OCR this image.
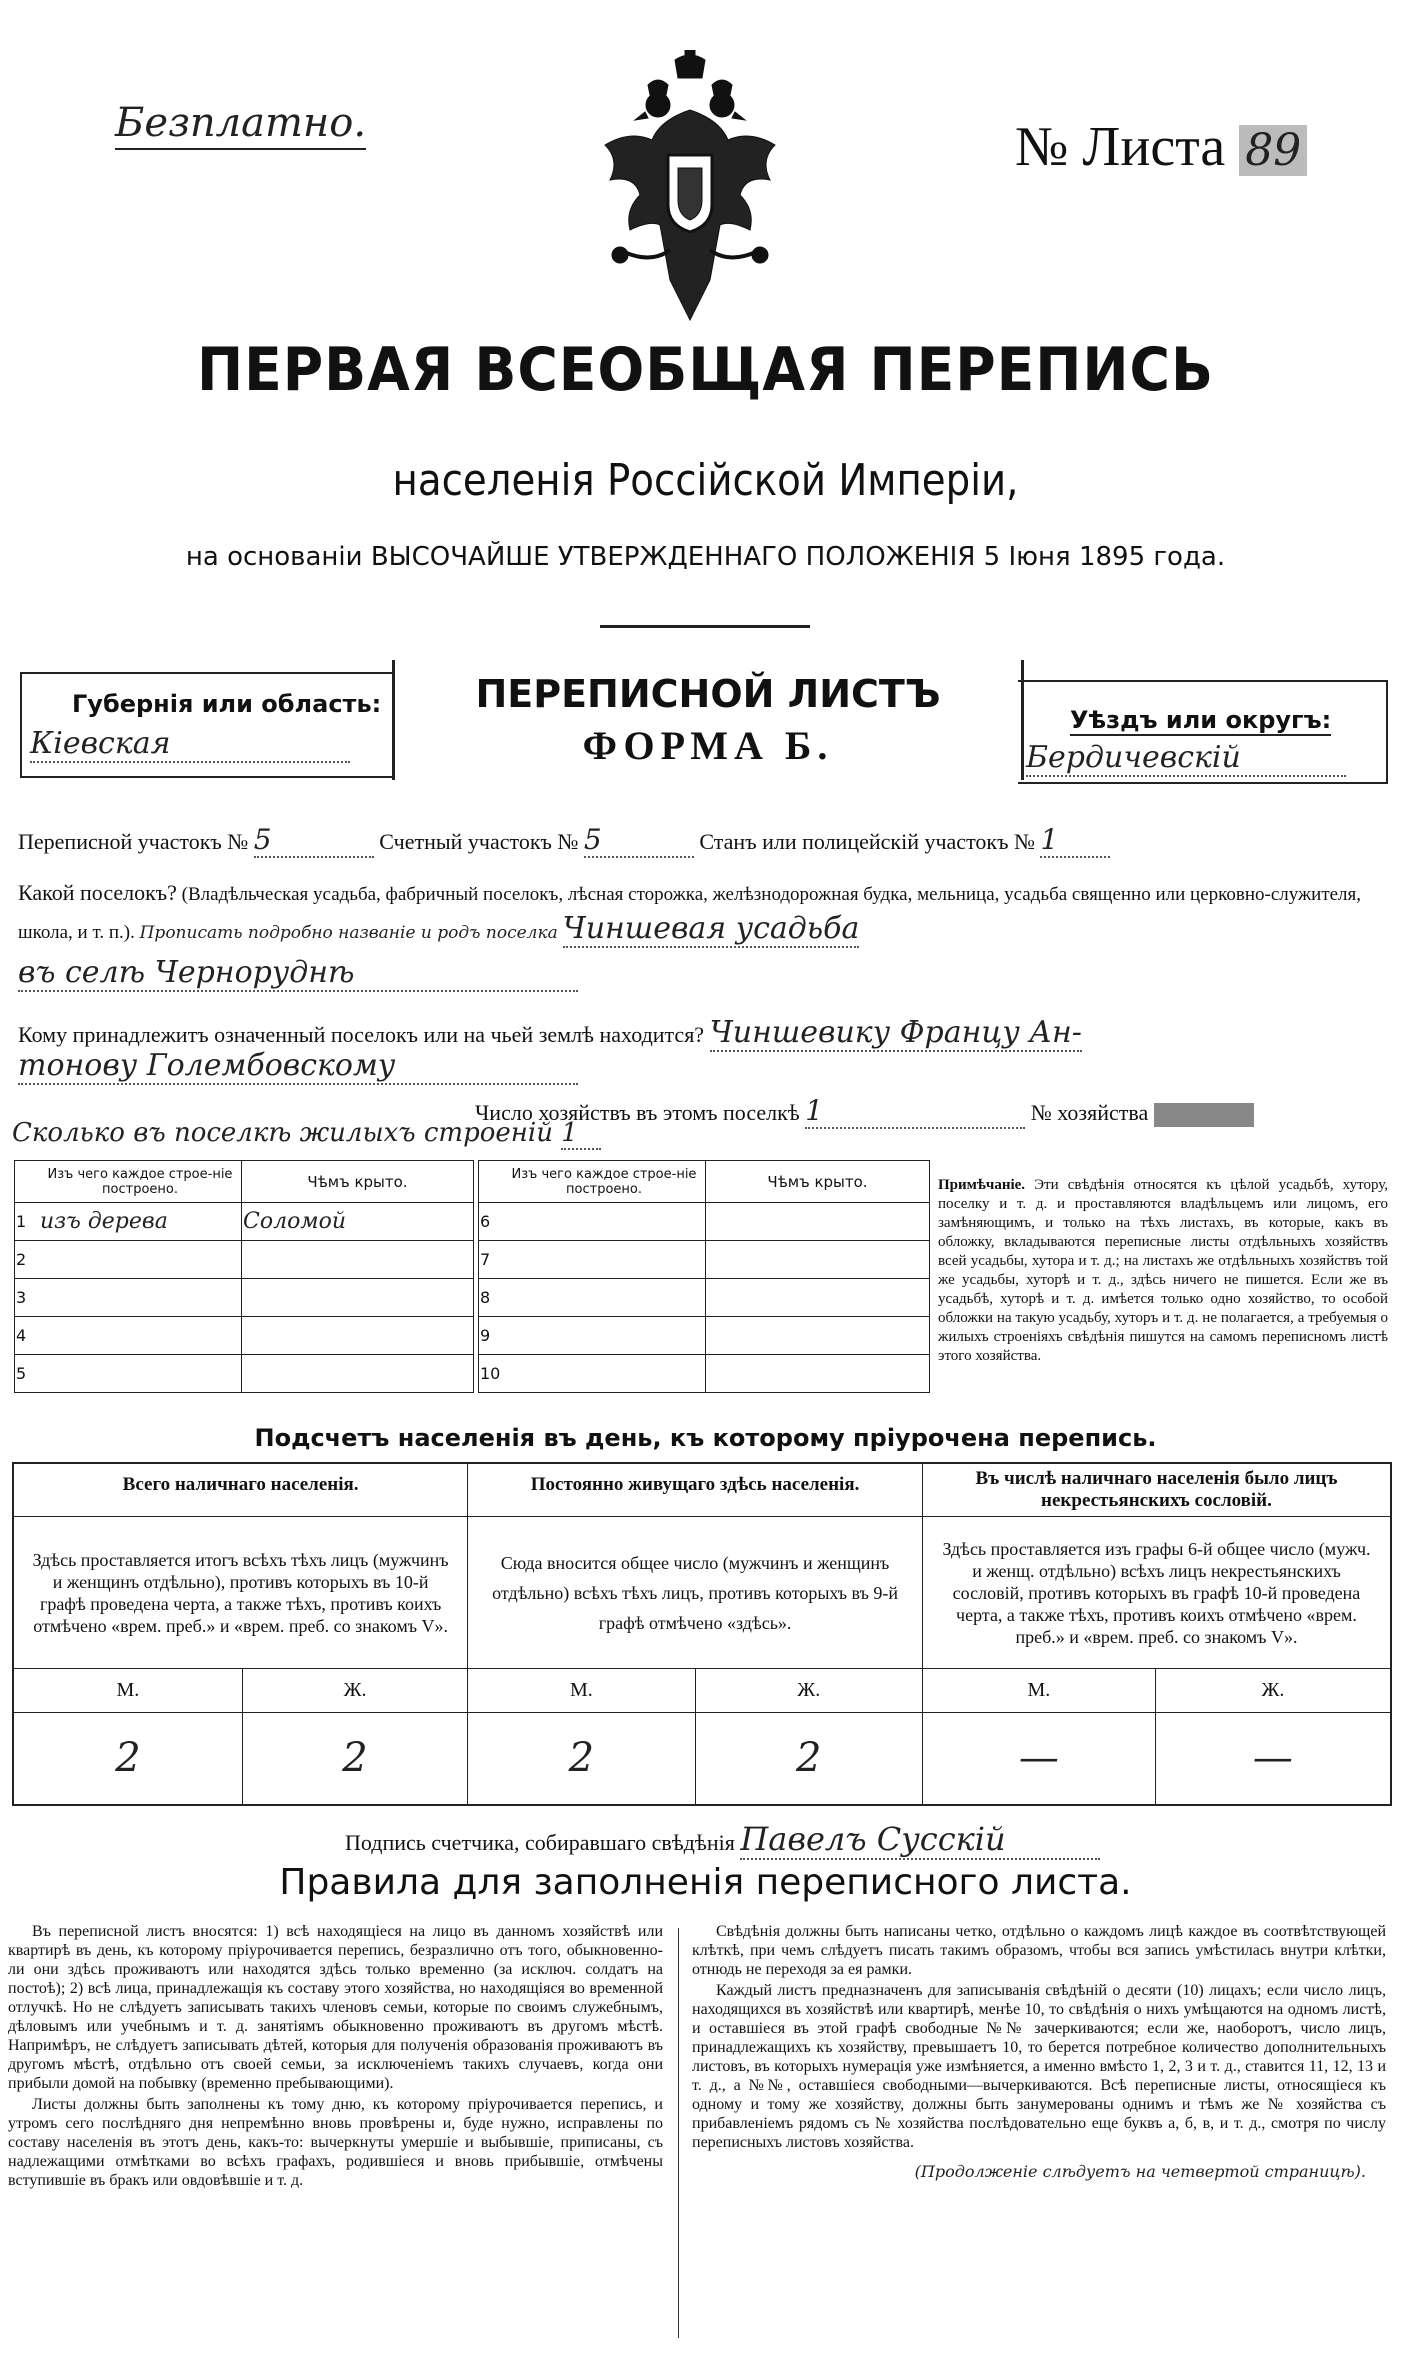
Безплатно.	№ Листа 89
ПЕРВАЯ ВСЕОБЩАЯ ПЕРЕПИСЬ
населенія Россійской Имперіи,
на основаніи ВЫСОЧАЙШЕ УТВЕРЖДЕННАГО ПОЛОЖЕНІЯ 5 Іюня 1895 года.
Губернія или область:
Кіевская
ПЕРЕПИСНОЙ ЛИСТЪ
ФОРМА Б.
Уѣздъ или округъ:
Бердичевскій
Переписной участокъ № 5	Счетный участокъ № 5	Станъ или полицейскій участокъ № 1
Какой поселокъ? (Владѣльческая усадьба, фабричный поселокъ, лѣсная сторожка, желѣзнодорожная будка, мельница, усадьба священно или церковно-служителя, школа, и т. п.). Прописать подробно названіе и родъ поселка Чиншевая усадьба
въ селѣ Черноруднѣ
Кому принадлежитъ означенный поселокъ или на чьей землѣ находится? Чиншевику Францу Ан-
тонову Голембовскому
Число хозяйствъ въ этомъ поселкѣ 1	№ хозяйства
Сколько въ поселкѣ жилыхъ строеній 1
	Изъ чего каждое строе-ніе построено.	Чѣмъ крыто.
1	изъ дерева	Соломой
2		
3		
4		
5		
	Изъ чего каждое строе-ніе построено.	Чѣмъ крыто.
6		
7		
8		
9		
10		
Примѣчаніе. Эти свѣдѣнія относятся къ цѣлой усадьбѣ, хутору, поселку и т. д. и проставляются владѣльцемъ или лицомъ, его замѣняющимъ, и только на тѣхъ листахъ, въ которые, какъ въ обложку, вкладываются переписные листы отдѣльныхъ хозяйствъ всей усадьбы, хутора и т. д.; на листахъ же отдѣльныхъ хозяйствъ той же усадьбы, хуторѣ и т. д., здѣсь ничего не пишется. Если же въ усадьбѣ, хуторѣ и т. д. имѣется только одно хозяйство, то особой обложки на такую усадьбу, хуторъ и т. д. не полагается, а требуемыя о жилыхъ строеніяхъ свѣдѣнія пишутся на самомъ переписномъ листѣ этого хозяйства.
Подсчетъ населенія въ день, къ которому пріурочена перепись.
Всего наличнаго населенія.		Постоянно живущаго здѣсь населенія.		Въ числѣ наличнаго населенія было лицъ некрестьянскихъ сословій.	
Здѣсь проставляется итогъ всѣхъ тѣхъ лицъ (мужчинъ и женщинъ отдѣльно), противъ которыхъ въ 10-й графѣ проведена черта, а также тѣхъ, противъ коихъ отмѣчено «врем. преб.» и «врем. преб. со знакомъ V».		Сюда вносится общее число (мужчинъ и женщинъ отдѣльно) всѣхъ тѣхъ лицъ, противъ которыхъ въ 9-й графѣ отмѣчено «здѣсь».		Здѣсь проставляется изъ графы 6-й общее число (мужч. и женщ. отдѣльно) всѣхъ лицъ некрестьянскихъ сословій, противъ которыхъ въ графѣ 10-й проведена черта, а также тѣхъ, противъ коихъ отмѣчено «врем. преб.» и «врем. преб. со знакомъ V».	
М.	Ж.	М.	Ж.	М.	Ж.
2	2	2	2	—	—
Подпись счетчика, собиравшаго свѣдѣнія Павелъ Сусскій
Правила для заполненія переписного листа.

Въ переписной листъ вносятся: 1) всѣ находящіеся на лицо въ данномъ хозяйствѣ или квартирѣ въ день, къ которому пріурочивается перепись, безразлично отъ того, обыкновенно-ли они здѣсь проживаютъ или находятся здѣсь только временно (за исключ. солдатъ на постоѣ); 2) всѣ лица, принадлежащія къ составу этого хозяйства, но находящіяся во временной отлучкѣ. Но не слѣдуетъ записывать такихъ членовъ семьи, которые по своимъ служебнымъ, дѣловымъ или учебнымъ и т. д. занятіямъ обыкновенно проживаютъ въ другомъ мѣстѣ. Напримѣръ, не слѣдуетъ записывать дѣтей, которыя для полученія образованія проживаютъ въ другомъ мѣстѣ, отдѣльно отъ своей семьи, за исключеніемъ такихъ случаевъ, когда они прибыли домой на побывку (временно пребывающими).

Листы должны быть заполнены къ тому дню, къ которому пріурочивается перепись, и утромъ сего послѣдняго дня непремѣнно вновь провѣрены и, буде нужно, исправлены по составу населенія въ этотъ день, какъ-то: вычеркнуты умершіе и выбывшіе, приписаны, съ надлежащими отмѣтками во всѣхъ графахъ, родившіеся и вновь прибывшіе, отмѣчены вступившіе въ бракъ или овдовѣвшіе и т. д.

Свѣдѣнія должны быть написаны четко, отдѣльно о каждомъ лицѣ каждое въ соотвѣтствующей клѣткѣ, при чемъ слѣдуетъ писать такимъ образомъ, чтобы вся запись умѣстилась внутри клѣтки, отнюдь не переходя за ея рамки.

Каждый листъ предназначенъ для записыванія свѣдѣній о десяти (10) лицахъ; если число лицъ, находящихся въ хозяйствѣ или квартирѣ, менѣе 10, то свѣдѣнія о нихъ умѣщаются на одномъ листѣ, и оставшіеся въ этой графѣ свободные №№ зачеркиваются; если же, наоборотъ, число лицъ, принадлежащихъ къ хозяйству, превышаетъ 10, то берется потребное количество дополнительныхъ листовъ, въ которыхъ нумерація уже измѣняется, а именно вмѣсто 1, 2, 3 и т. д., ставится 11, 12, 13 и т. д., а №№, оставшіеся свободными—вычеркиваются. Всѣ переписные листы, относящіеся къ одному и тому же хозяйству, должны быть занумерованы однимъ и тѣмъ же № хозяйства съ прибавленіемъ рядомъ съ № хозяйства послѣдовательно еще буквъ а, б, в, и т. д., смотря по числу переписныхъ листовъ хозяйства.

(Продолженіе слѣдуетъ на четвертой страницѣ).
